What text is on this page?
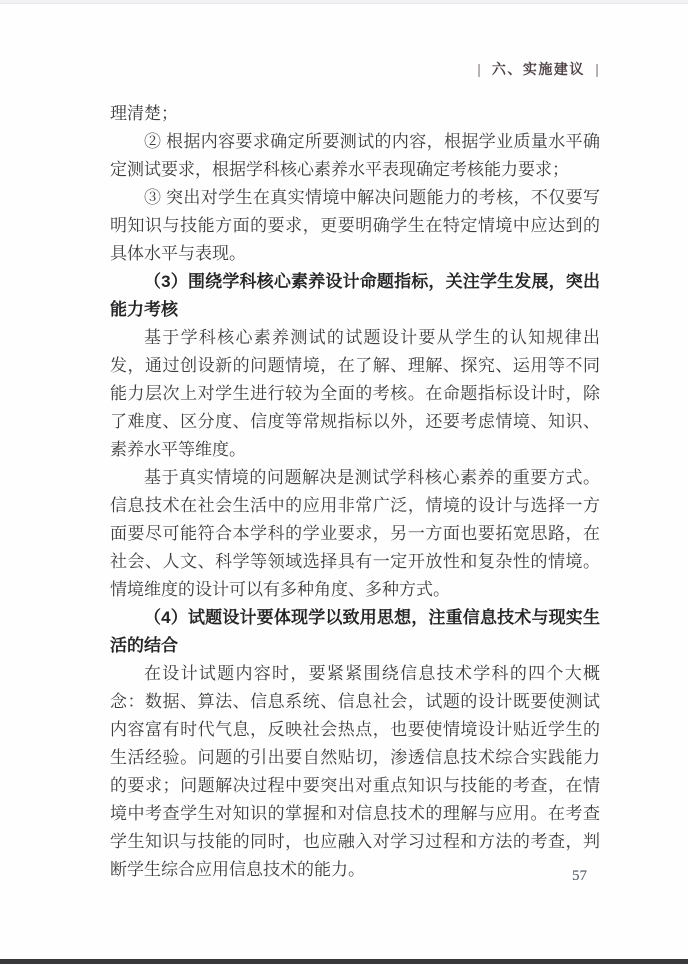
| 六、实施建议 |

理清楚；

② 根据内容要求确定所要测试的内容，根据学业质量水平确定测试要求，根据学科核心素养水平表现确定考核能力要求；

③ 突出对学生在真实情境中解决问题能力的考核，不仅要写明知识与技能方面的要求，更要明确学生在特定情境中应达到的具体水平与表现。

（3）围绕学科核心素养设计命题指标，关注学生发展，突出能力考核

基于学科核心素养测试的试题设计要从学生的认知规律出发，通过创设新的问题情境，在了解、理解、探究、运用等不同能力层次上对学生进行较为全面的考核。在命题指标设计时，除了难度、区分度、信度等常规指标以外，还要考虑情境、知识、素养水平等维度。

基于真实情境的问题解决是测试学科核心素养的重要方式。信息技术在社会生活中的应用非常广泛，情境的设计与选择一方面要尽可能符合本学科的学业要求，另一方面也要拓宽思路，在社会、人文、科学等领域选择具有一定开放性和复杂性的情境。情境维度的设计可以有多种角度、多种方式。

（4）试题设计要体现学以致用思想，注重信息技术与现实生活的结合

在设计试题内容时，要紧紧围绕信息技术学科的四个大概念：数据、算法、信息系统、信息社会，试题的设计既要使测试内容富有时代气息，反映社会热点，也要使情境设计贴近学生的生活经验。问题的引出要自然贴切，渗透信息技术综合实践能力的要求；问题解决过程中要突出对重点知识与技能的考查，在情境中考查学生对知识的掌握和对信息技术的理解与应用。在考查学生知识与技能的同时，也应融入对学习过程和方法的考查，判断学生综合应用信息技术的能力。	57
